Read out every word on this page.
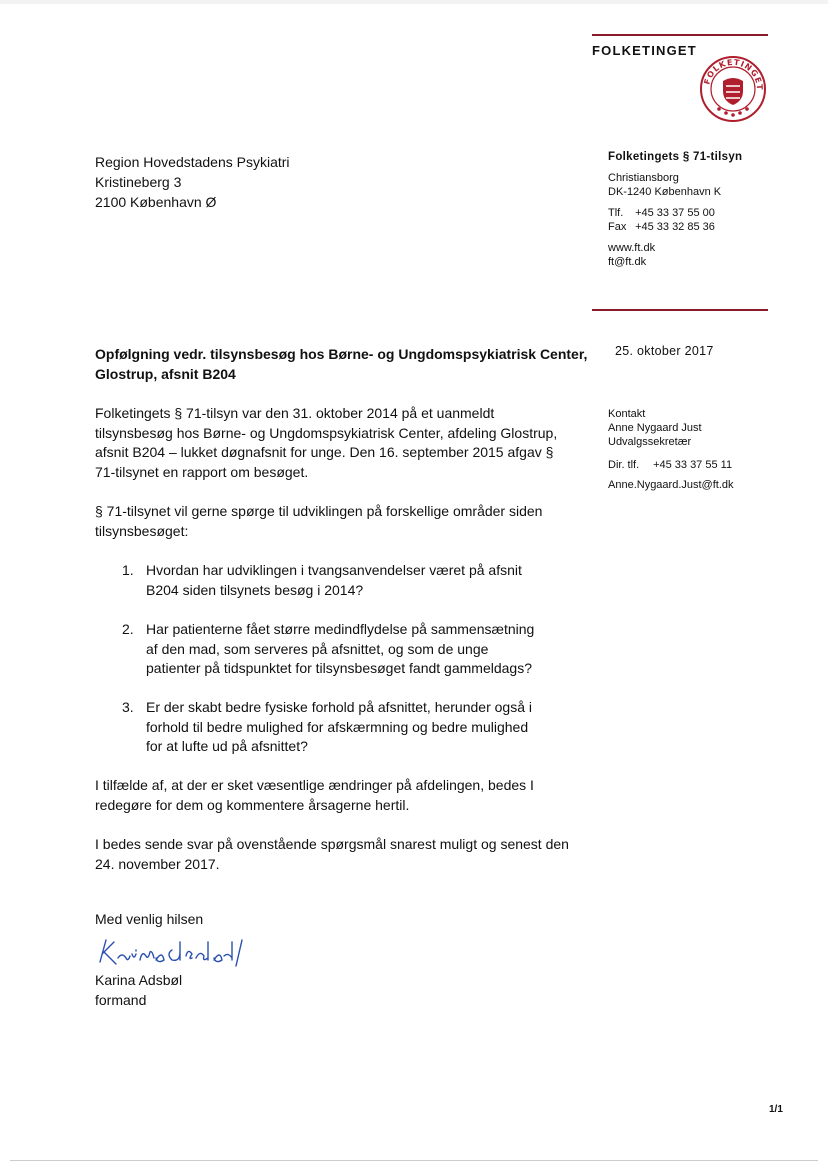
FOLKETINGET
FOLKETINGET
Region Hovedstadens Psykiatri
Kristineberg 3
2100 København Ø
Folketingets § 71-tilsyn
Christiansborg
DK-1240 København K
Tlf. +45 33 37 55 00
Fax +45 33 32 85 36
www.ft.dk
ft@ft.dk
25. oktober 2017
Kontakt
Anne Nygaard Just
Udvalgssekretær
Dir. tlf. +45 33 37 55 11
Anne.Nygaard.Just@ft.dk
Opfølgning vedr. tilsynsbesøg hos Børne- og Ungdomspsykiatrisk Center, Glostrup, afsnit B204
Folketingets § 71-tilsyn var den 31. oktober 2014 på et uanmeldt tilsynsbesøg hos Børne- og Ungdomspsykiatrisk Center, afdeling Glostrup, afsnit B204 – lukket døgnafsnit for unge. Den 16. september 2015 afgav § 71-tilsynet en rapport om besøget.
§ 71-tilsynet vil gerne spørge til udviklingen på forskellige områder siden tilsynsbesøget:
1. Hvordan har udviklingen i tvangsanvendelser været på afsnit B204 siden tilsynets besøg i 2014?
2. Har patienterne fået større medindflydelse på sammensætning af den mad, som serveres på afsnittet, og som de unge patienter på tidspunktet for tilsynsbesøget fandt gammeldags?
3. Er der skabt bedre fysiske forhold på afsnittet, herunder også i forhold til bedre mulighed for afskærmning og bedre mulighed for at lufte ud på afsnittet?
I tilfælde af, at der er sket væsentlige ændringer på afdelingen, bedes I redegøre for dem og kommentere årsagerne hertil.
I bedes sende svar på ovenstående spørgsmål snarest muligt og senest den 24. november 2017.
Med venlig hilsen
Karina Adsbøl
formand
1/1
